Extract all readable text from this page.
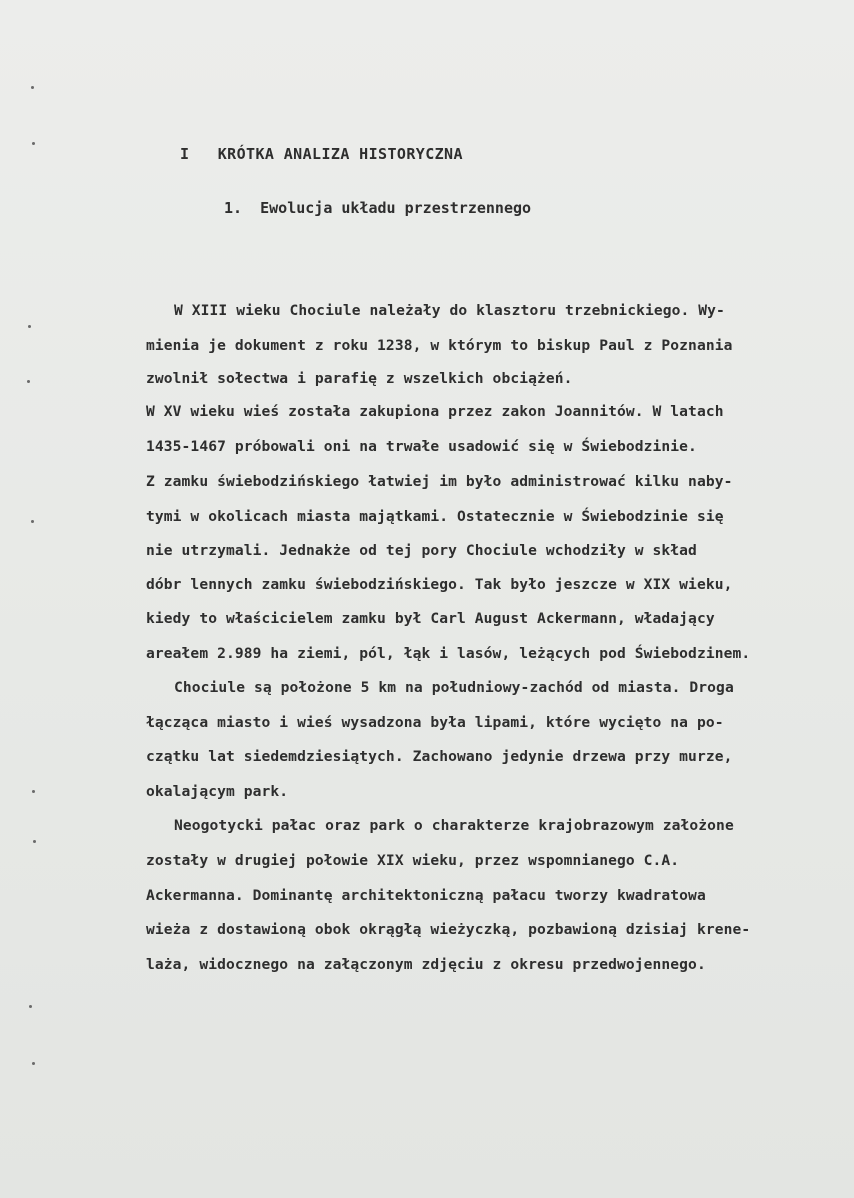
I   KRÓTKA ANALIZA HISTORYCZNA
1.  Ewolucja układu przestrzennego
W XIII wieku Chociule należały do klasztoru trzebnickiego. Wy-
mienia je dokument z roku 1238, w którym to biskup Paul z Poznania
zwolnił sołectwa i parafię z wszelkich obciążeń.
W XV wieku wieś została zakupiona przez zakon Joannitów. W latach
1435-1467 próbowali oni na trwałe usadowić się w Świebodzinie.
Z zamku świebodzińskiego łatwiej im było administrować kilku naby-
tymi w okolicach miasta majątkami. Ostatecznie w Świebodzinie się
nie utrzymali. Jednakże od tej pory Chociule wchodziły w skład
dóbr lennych zamku świebodzińskiego. Tak było jeszcze w XIX wieku,
kiedy to właścicielem zamku był Carl August Ackermann, władający
areałem 2.989 ha ziemi, pól, łąk i lasów, leżących pod Świebodzinem.
Chociule są położone 5 km na południowy-zachód od miasta. Droga
łącząca miasto i wieś wysadzona była lipami, które wycięto na po-
czątku lat siedemdziesiątych. Zachowano jedynie drzewa przy murze,
okalającym park.
Neogotycki pałac oraz park o charakterze krajobrazowym założone
zostały w drugiej połowie XIX wieku, przez wspomnianego C.A.
Ackermanna. Dominantę architektoniczną pałacu tworzy kwadratowa
wieża z dostawioną obok okrągłą wieżyczką, pozbawioną dzisiaj krene-
laża, widocznego na załączonym zdjęciu z okresu przedwojennego.
